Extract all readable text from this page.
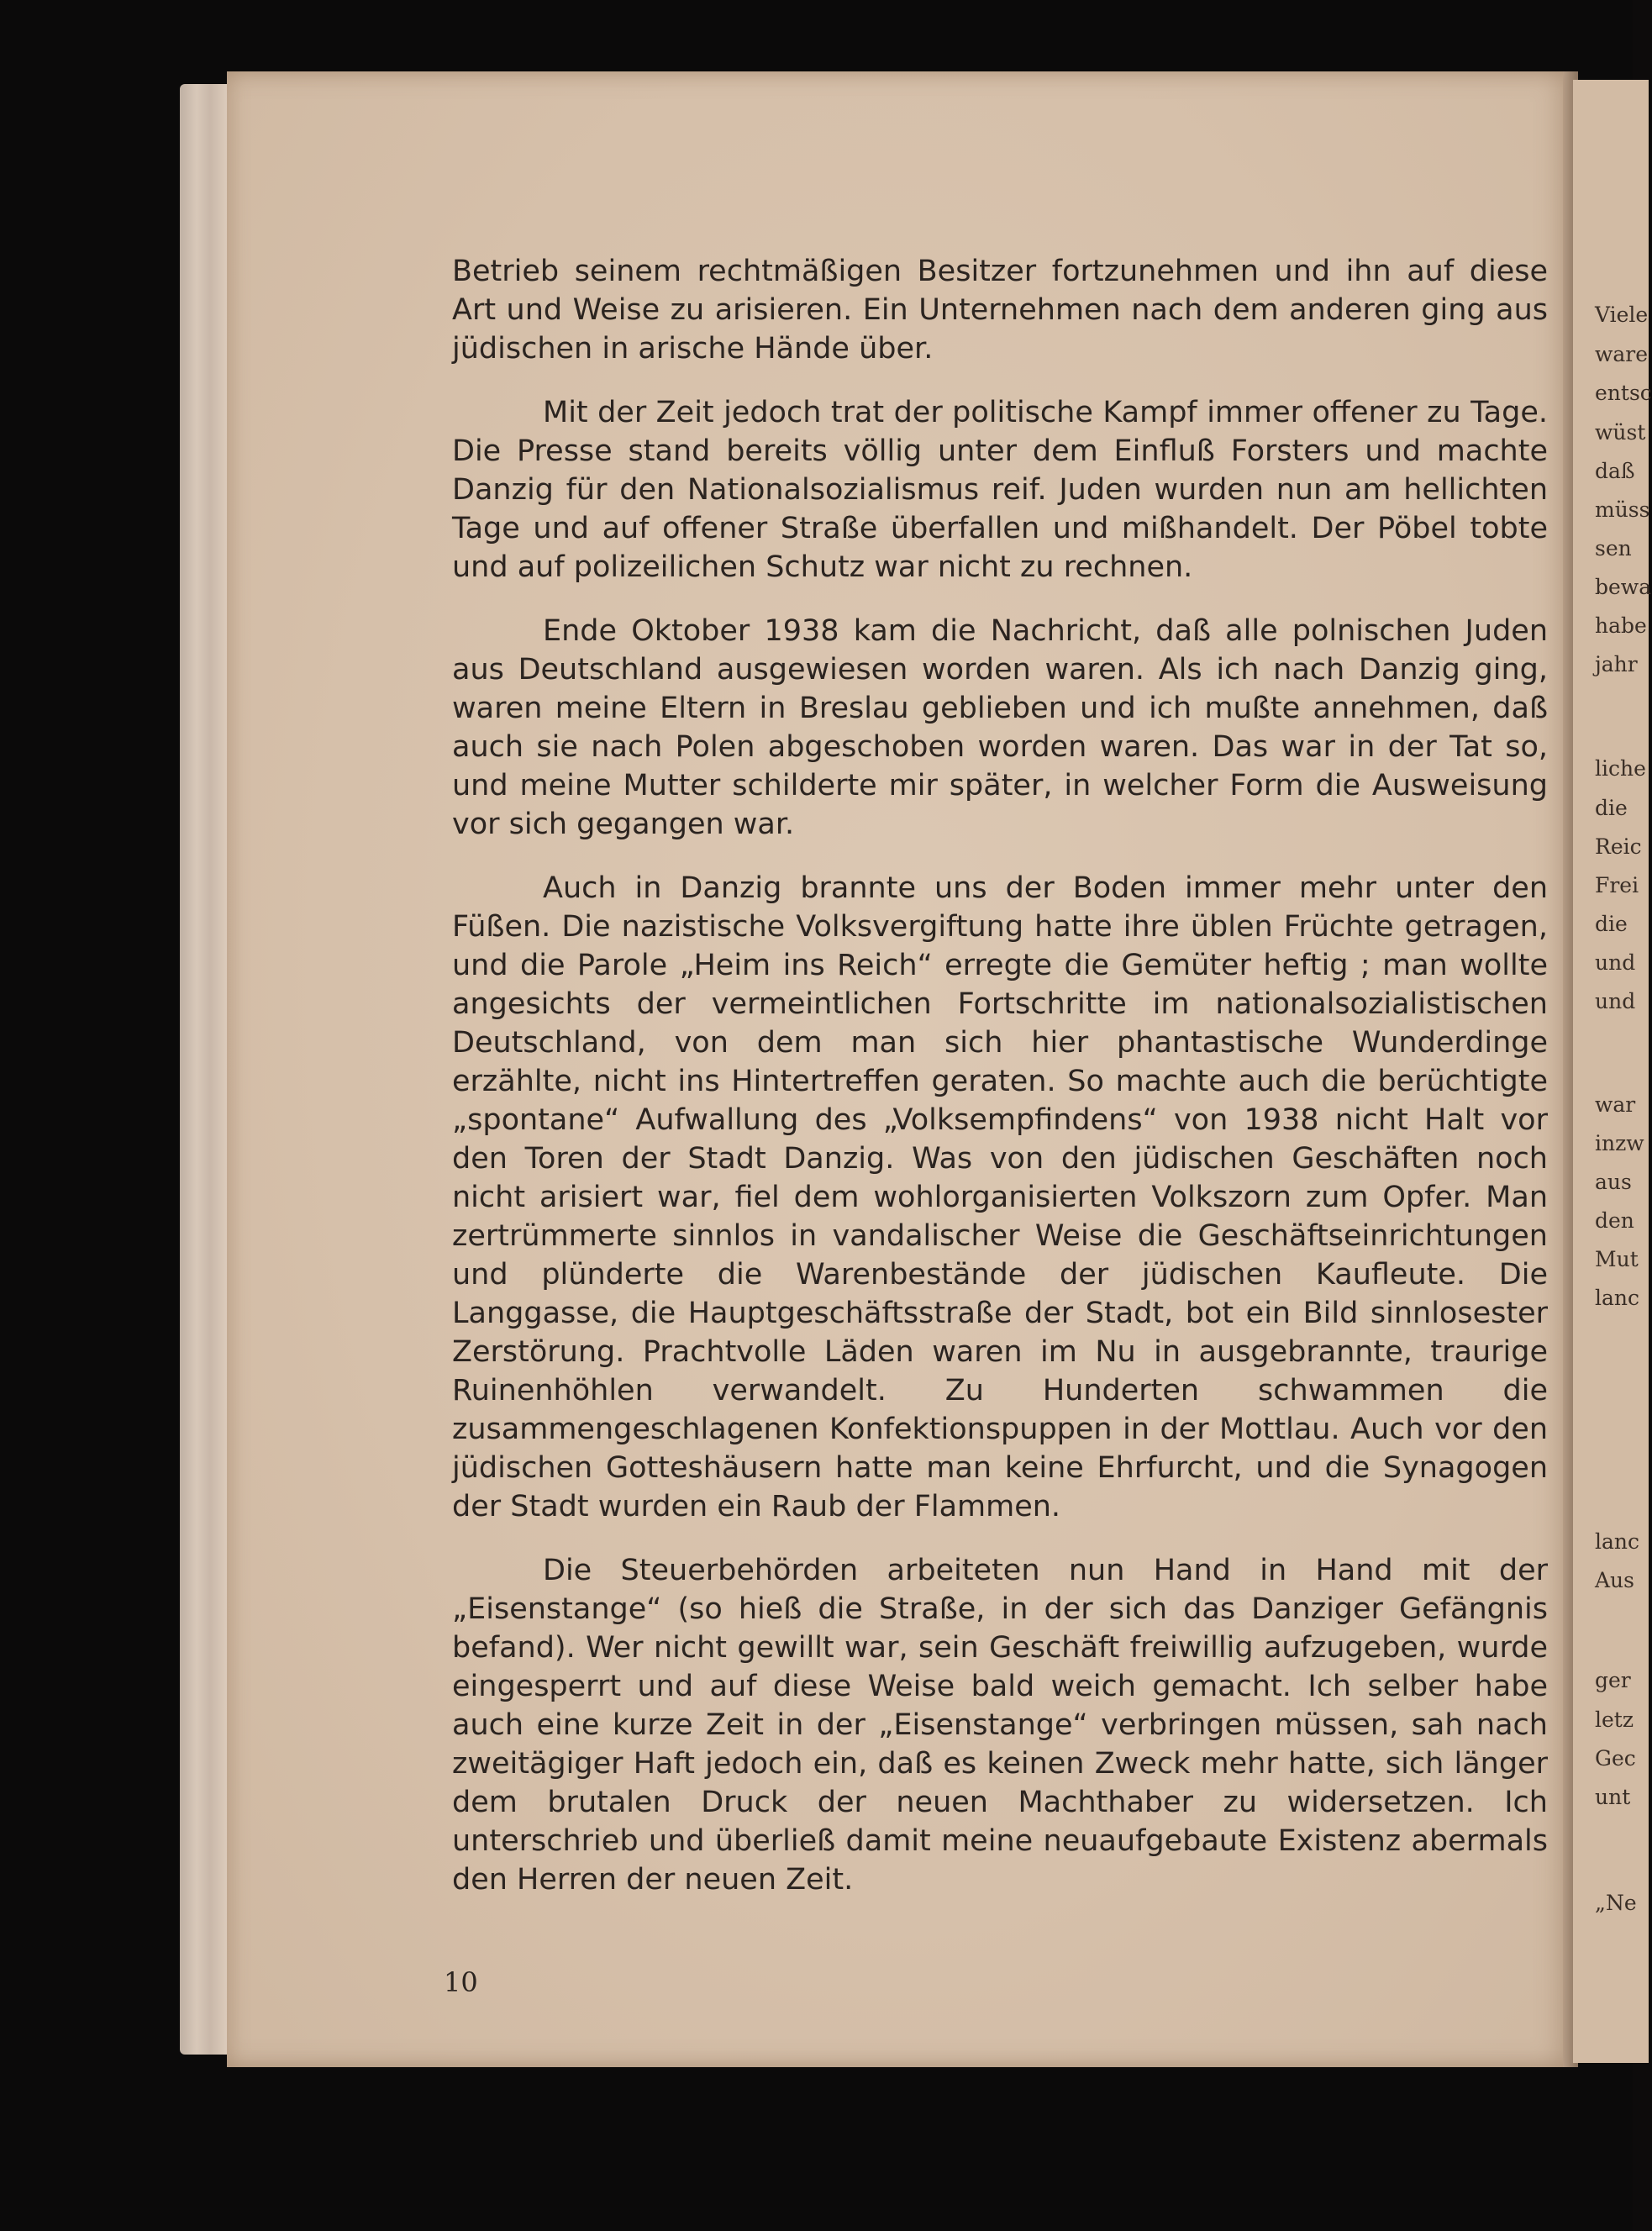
Viele
ware
entsc
wüst
daß
müss
sen
bewa
habe
jahr
liche
die
Reic
Frei
die
und
und
war
inzw
aus
den
Mut
lanc
lanc
Aus
ger
letz
Gec
unt
„Ne

Betrieb seinem rechtmäßigen Besitzer fortzunehmen und ihn auf diese Art und Weise zu arisieren. Ein Unternehmen nach dem anderen ging aus jüdischen in arische Hände über.

Mit der Zeit jedoch trat der politische Kampf immer offener zu Tage. Die Presse stand bereits völlig unter dem Einfluß Forsters und machte Danzig für den Nationalsozialismus reif. Juden wurden nun am hellichten Tage und auf offener Straße überfallen und mißhandelt. Der Pöbel tobte und auf polizeilichen Schutz war nicht zu rechnen.

Ende Oktober 1938 kam die Nachricht, daß alle polnischen Juden aus Deutschland ausgewiesen worden waren. Als ich nach Danzig ging, waren meine Eltern in Breslau geblieben und ich mußte annehmen, daß auch sie nach Polen abgeschoben worden waren. Das war in der Tat so, und meine Mutter schilderte mir später, in welcher Form die Ausweisung vor sich gegangen war.

Auch in Danzig brannte uns der Boden immer mehr unter den Füßen. Die nazistische Volksvergiftung hatte ihre üblen Früchte getragen, und die Parole „Heim ins Reich“ erregte die Gemüter heftig ; man wollte angesichts der vermeintlichen Fortschritte im nationalsozialistischen Deutschland, von dem man sich hier phantastische Wunderdinge erzählte, nicht ins Hintertreffen geraten. So machte auch die berüchtigte „spontane“ Aufwallung des „Volksempfindens“ von 1938 nicht Halt vor den Toren der Stadt Danzig. Was von den jüdischen Geschäften noch nicht arisiert war, fiel dem wohlorganisierten Volkszorn zum Opfer. Man zertrümmerte sinnlos in vandalischer Weise die Geschäftseinrichtungen und plünderte die Warenbestände der jüdischen Kaufleute. Die Langgasse, die Hauptgeschäftsstraße der Stadt, bot ein Bild sinnlosester Zerstörung. Prachtvolle Läden waren im Nu in ausgebrannte, traurige Ruinenhöhlen verwandelt. Zu Hunderten schwammen die zusammengeschlagenen Konfektionspuppen in der Mottlau. Auch vor den jüdischen Gotteshäusern hatte man keine Ehrfurcht, und die Synagogen der Stadt wurden ein Raub der Flammen.

Die Steuerbehörden arbeiteten nun Hand in Hand mit der „Eisenstange“ (so hieß die Straße, in der sich das Danziger Gefängnis befand). Wer nicht gewillt war, sein Geschäft freiwillig aufzugeben, wurde eingesperrt und auf diese Weise bald weich gemacht. Ich selber habe auch eine kurze Zeit in der „Eisenstange“ verbringen müssen, sah nach zweitägiger Haft jedoch ein, daß es keinen Zweck mehr hatte, sich länger dem brutalen Druck der neuen Machthaber zu widersetzen. Ich unterschrieb und überließ damit meine neuaufgebaute Existenz abermals den Herren der neuen Zeit.

10
